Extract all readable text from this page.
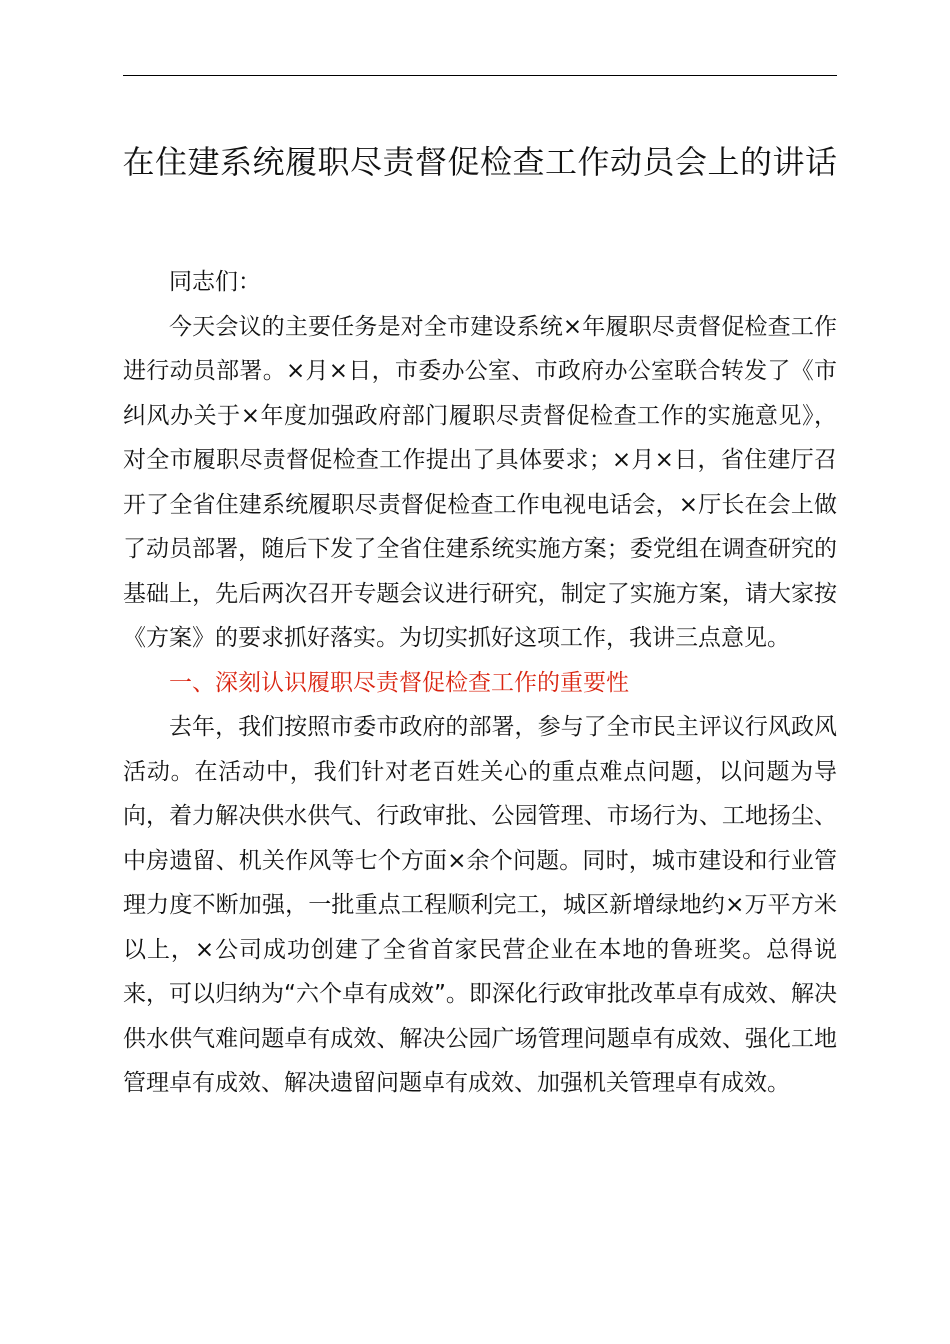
在住建系统履职尽责督促检查工作动员会上的讲话

同志们：

今天会议的主要任务是对全市建设系统×年履职尽责督促检查工作进行动员部署。×月×日，市委办公室、市政府办公室联合转发了《市纠风办关于×年度加强政府部门履职尽责督促检查工作的实施意见》，对全市履职尽责督促检查工作提出了具体要求；×月×日，省住建厅召开了全省住建系统履职尽责督促检查工作电视电话会，×厅长在会上做了动员部署，随后下发了全省住建系统实施方案；委党组在调查研究的基础上，先后两次召开专题会议进行研究，制定了实施方案，请大家按《方案》的要求抓好落实。为切实抓好这项工作，我讲三点意见。

一、深刻认识履职尽责督促检查工作的重要性

去年，我们按照市委市政府的部署，参与了全市民主评议行风政风活动。在活动中，我们针对老百姓关心的重点难点问题，以问题为导向，着力解决供水供气、行政审批、公园管理、市场行为、工地扬尘、中房遗留、机关作风等七个方面×余个问题。同时，城市建设和行业管理力度不断加强，一批重点工程顺利完工，城区新增绿地约×万平方米以上，×公司成功创建了全省首家民营企业在本地的鲁班奖。总得说来，可以归纳为“六个卓有成效”。即深化行政审批改革卓有成效、解决供水供气难问题卓有成效、解决公园广场管理问题卓有成效、强化工地管理卓有成效、解决遗留问题卓有成效、加强机关管理卓有成效。
